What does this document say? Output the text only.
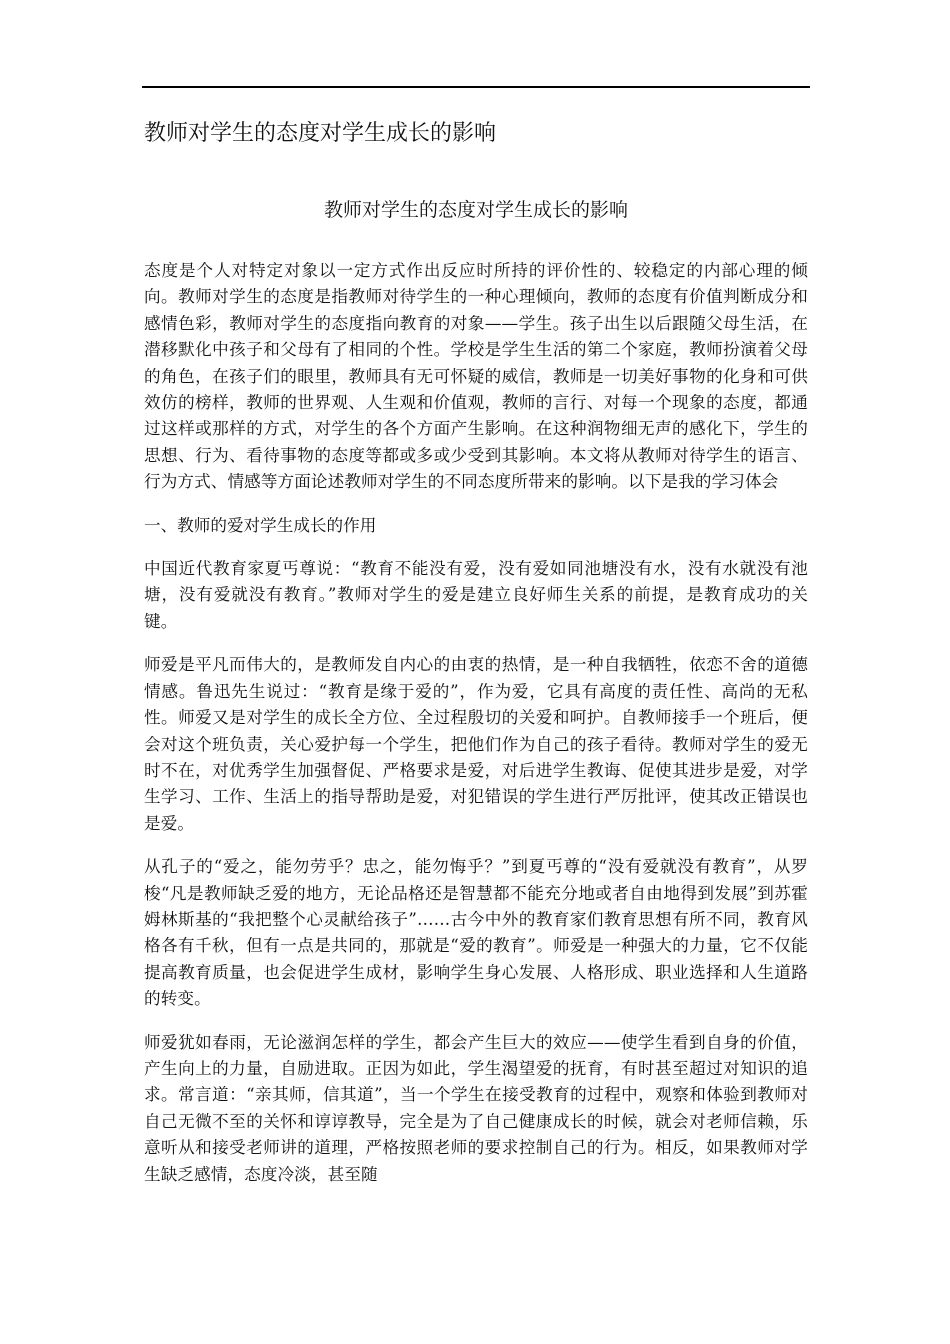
教师对学生的态度对学生成长的影响
教师对学生的态度对学生成长的影响

态度是个人对特定对象以一定方式作出反应时所持的评价性的、较稳定的内部心理的倾向。教师对学生的态度是指教师对待学生的一种心理倾向，教师的态度有价值判断成分和感情色彩，教师对学生的态度指向教育的对象——学生。孩子出生以后跟随父母生活，在潜移默化中孩子和父母有了相同的个性。学校是学生生活的第二个家庭，教师扮演着父母的角色，在孩子们的眼里，教师具有无可怀疑的威信，教师是一切美好事物的化身和可供效仿的榜样，教师的世界观、人生观和价值观，教师的言行、对每一个现象的态度，都通过这样或那样的方式，对学生的各个方面产生影响。在这种润物细无声的感化下，学生的思想、行为、看待事物的态度等都或多或少受到其影响。本文将从教师对待学生的语言、行为方式、情感等方面论述教师对学生的不同态度所带来的影响。以下是我的学习体会

一、教师的爱对学生成长的作用

中国近代教育家夏丐尊说：“教育不能没有爱，没有爱如同池塘没有水，没有水就没有池塘，没有爱就没有教育。”教师对学生的爱是建立良好师生关系的前提，是教育成功的关键。

师爱是平凡而伟大的，是教师发自内心的由衷的热情，是一种自我牺牲，依恋不舍的道德情感。鲁迅先生说过：“教育是缘于爱的”，作为爱，它具有高度的责任性、高尚的无私性。师爱又是对学生的成长全方位、全过程殷切的关爱和呵护。自教师接手一个班后，便会对这个班负责，关心爱护每一个学生，把他们作为自己的孩子看待。教师对学生的爱无时不在，对优秀学生加强督促、严格要求是爱，对后进学生教诲、促使其进步是爱，对学生学习、工作、生活上的指导帮助是爱，对犯错误的学生进行严厉批评，使其改正错误也是爱。

从孔子的“爱之，能勿劳乎？忠之，能勿悔乎？”到夏丐尊的“没有爱就没有教育”，从罗梭“凡是教师缺乏爱的地方，无论品格还是智慧都不能充分地或者自由地得到发展”到苏霍姆林斯基的“我把整个心灵献给孩子”……古今中外的教育家们教育思想有所不同，教育风格各有千秋，但有一点是共同的，那就是“爱的教育”。师爱是一种强大的力量，它不仅能提高教育质量，也会促进学生成材，影响学生身心发展、人格形成、职业选择和人生道路的转变。

师爱犹如春雨，无论滋润怎样的学生，都会产生巨大的效应——使学生看到自身的价值，产生向上的力量，自励进取。正因为如此，学生渴望爱的抚育，有时甚至超过对知识的追求。常言道：“亲其师，信其道”，当一个学生在接受教育的过程中，观察和体验到教师对自己无微不至的关怀和谆谆教导，完全是为了自己健康成长的时候，就会对老师信赖，乐意听从和接受老师讲的道理，严格按照老师的要求控制自己的行为。相反，如果教师对学生缺乏感情，态度冷淡，甚至随
